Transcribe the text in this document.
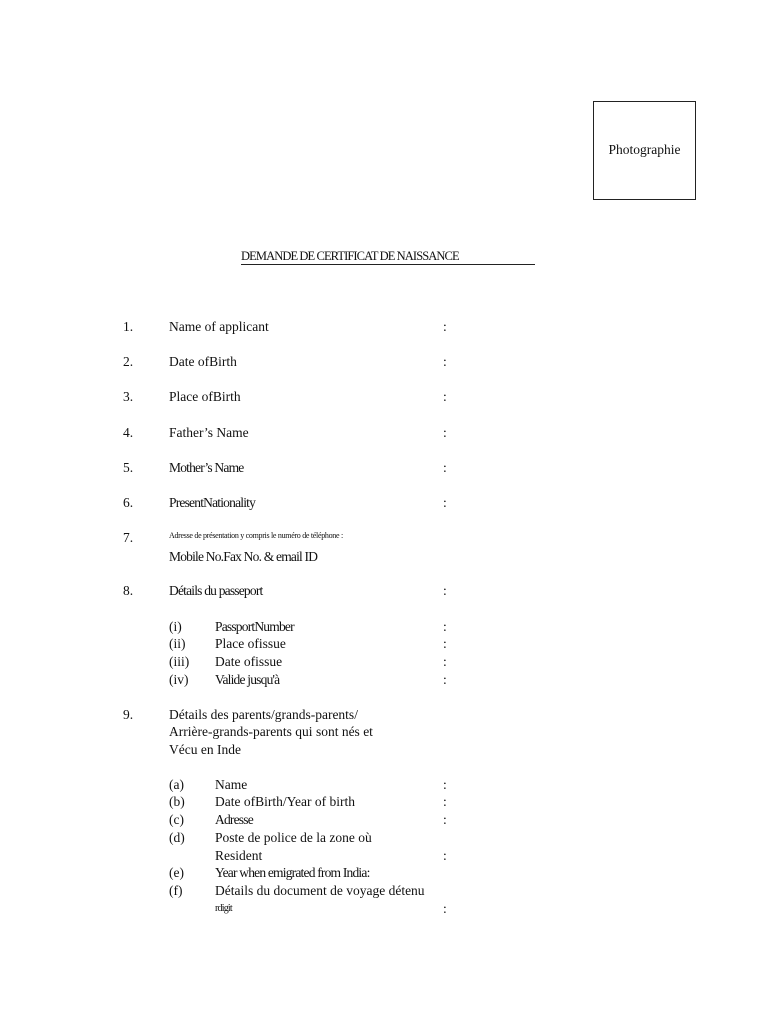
Photographie
DEMANDE DE CERTIFICAT DE NAISSANCE
1.	Name of applicant	:
2.	Date ofBirth	:
3.	Place ofBirth	:
4.	Father’s Name	:
5.	Mother’s Name	:
6.	PresentNationality	:
7.	Adresse de présentation y compris le numéro de téléphone :
Mobile No.Fax No. & email ID
8.	Détails du passeport	:
(i) PassportNumber	:
(ii) Place ofissue	:
(iii) Date ofissue	:
(iv) Valide jusqu'à	:
9.	Détails des parents/grands-parents/
Arrière-grands-parents qui sont nés et
Vécu en Inde
(a) Name	:
(b) Date ofBirth/Year of birth	:
(c) Adresse	:
(d) Poste de police de la zone où
Resident	:
(e) Year when emigrated from India:
(f) Détails du document de voyage détenu
rdigit	:
